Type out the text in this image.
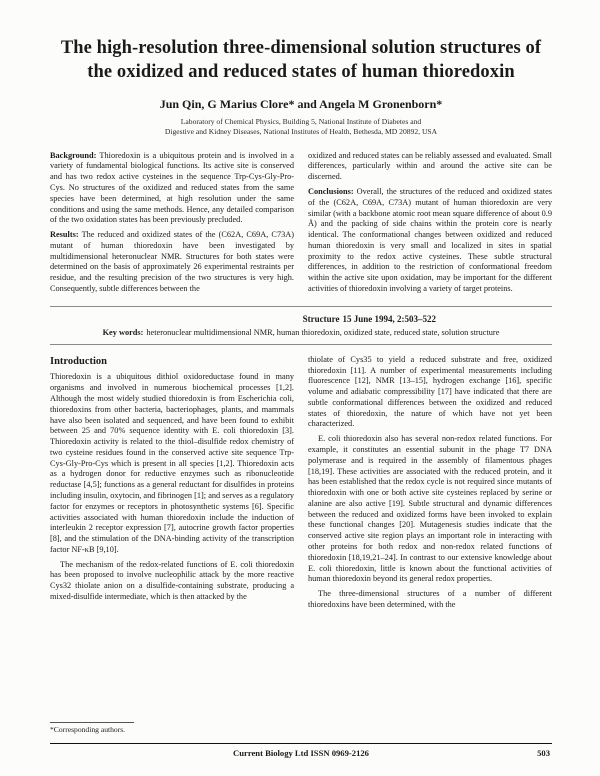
The high-resolution three-dimensional solution structures of the oxidized and reduced states of human thioredoxin
Jun Qin, G Marius Clore* and Angela M Gronenborn*
Laboratory of Chemical Physics, Building 5, National Institute of Diabetes and
Digestive and Kidney Diseases, National Institutes of Health, Bethesda, MD 20892, USA

Background: Thioredoxin is a ubiquitous protein and is involved in a variety of fundamental biological functions. Its active site is conserved and has two redox active cysteines in the sequence Trp-Cys-Gly-Pro-Cys. No structures of the oxidized and reduced states from the same species have been determined, at high resolution under the same conditions and using the same methods. Hence, any detailed comparison of the two oxidation states has been previously precluded.

Results: The reduced and oxidized states of the (C62A, C69A, C73A) mutant of human thioredoxin have been investigated by multidimensional heteronuclear NMR. Structures for both states were determined on the basis of approximately 26 experimental restraints per residue, and the resulting precision of the two structures is very high. Consequently, subtle differences between the

oxidized and reduced states can be reliably assessed and evaluated. Small differences, particularly within and around the active site can be discerned.

Conclusions: Overall, the structures of the reduced and oxidized states of the (C62A, C69A, C73A) mutant of human thioredoxin are very similar (with a backbone atomic root mean square difference of about 0.9 Å) and the packing of side chains within the protein core is nearly identical. The conformational changes between oxidized and reduced human thioredoxin is very small and localized in sites in spatial proximity to the redox active cysteines. These subtle structural differences, in addition to the restriction of conformational freedom within the active site upon oxidation, may be important for the different activities of thioredoxin involving a variety of target proteins.

Structure 15 June 1994, 2:503–522
Key words: heteronuclear multidimensional NMR, human thioredoxin, oxidized state, reduced state, solution structure
Introduction

Thioredoxin is a ubiquitous dithiol oxidoreductase found in many organisms and involved in numerous biochemical processes [1,2]. Although the most widely studied thioredoxin is from Escherichia coli, thioredoxins from other bacteria, bacteriophages, plants, and mammals have also been isolated and sequenced, and have been found to exhibit between 25 and 70% sequence identity with E. coli thioredoxin [3]. Thioredoxin activity is related to the thiol–disulfide redox chemistry of two cysteine residues found in the conserved active site sequence Trp-Cys-Gly-Pro-Cys which is present in all species [1,2]. Thioredoxin acts as a hydrogen donor for reductive enzymes such as ribonucleotide reductase [4,5]; functions as a general reductant for disulfides in proteins including insulin, oxytocin, and fibrinogen [1]; and serves as a regulatory factor for enzymes or receptors in photosynthetic systems [6]. Specific activities associated with human thioredoxin include the induction of interleukin 2 receptor expression [7], autocrine growth factor properties [8], and the stimulation of the DNA-binding activity of the transcription factor NF-κB [9,10].

The mechanism of the redox-related functions of E. coli thioredoxin has been proposed to involve nucleophilic attack by the more reactive Cys32 thiolate anion on a disulfide-containing substrate, producing a mixed-disulfide intermediate, which is then attacked by the

thiolate of Cys35 to yield a reduced substrate and free, oxidized thioredoxin [11]. A number of experimental measurements including fluorescence [12], NMR [13–15], hydrogen exchange [16], specific volume and adiabatic compressibility [17] have indicated that there are subtle conformational differences between the oxidized and reduced states of thioredoxin, the nature of which have not yet been characterized.

E. coli thioredoxin also has several non-redox related functions. For example, it constitutes an essential subunit in the phage T7 DNA polymerase and is required in the assembly of filamentous phages [18,19]. These activities are associated with the reduced protein, and it has been established that the redox cycle is not required since mutants of thioredoxin with one or both active site cysteines replaced by serine or alanine are also active [19]. Subtle structural and dynamic differences between the reduced and oxidized forms have been invoked to explain these functional changes [20]. Mutagenesis studies indicate that the conserved active site region plays an important role in interacting with other proteins for both redox and non-redox related functions of thioredoxin [18,19,21–24]. In contrast to our extensive knowledge about E. coli thioredoxin, little is known about the functional activities of human thioredoxin beyond its general redox properties.

The three-dimensional structures of a number of different thioredoxins have been determined, with the

*Corresponding authors.
Current Biology Ltd ISSN 0969-2126	503
